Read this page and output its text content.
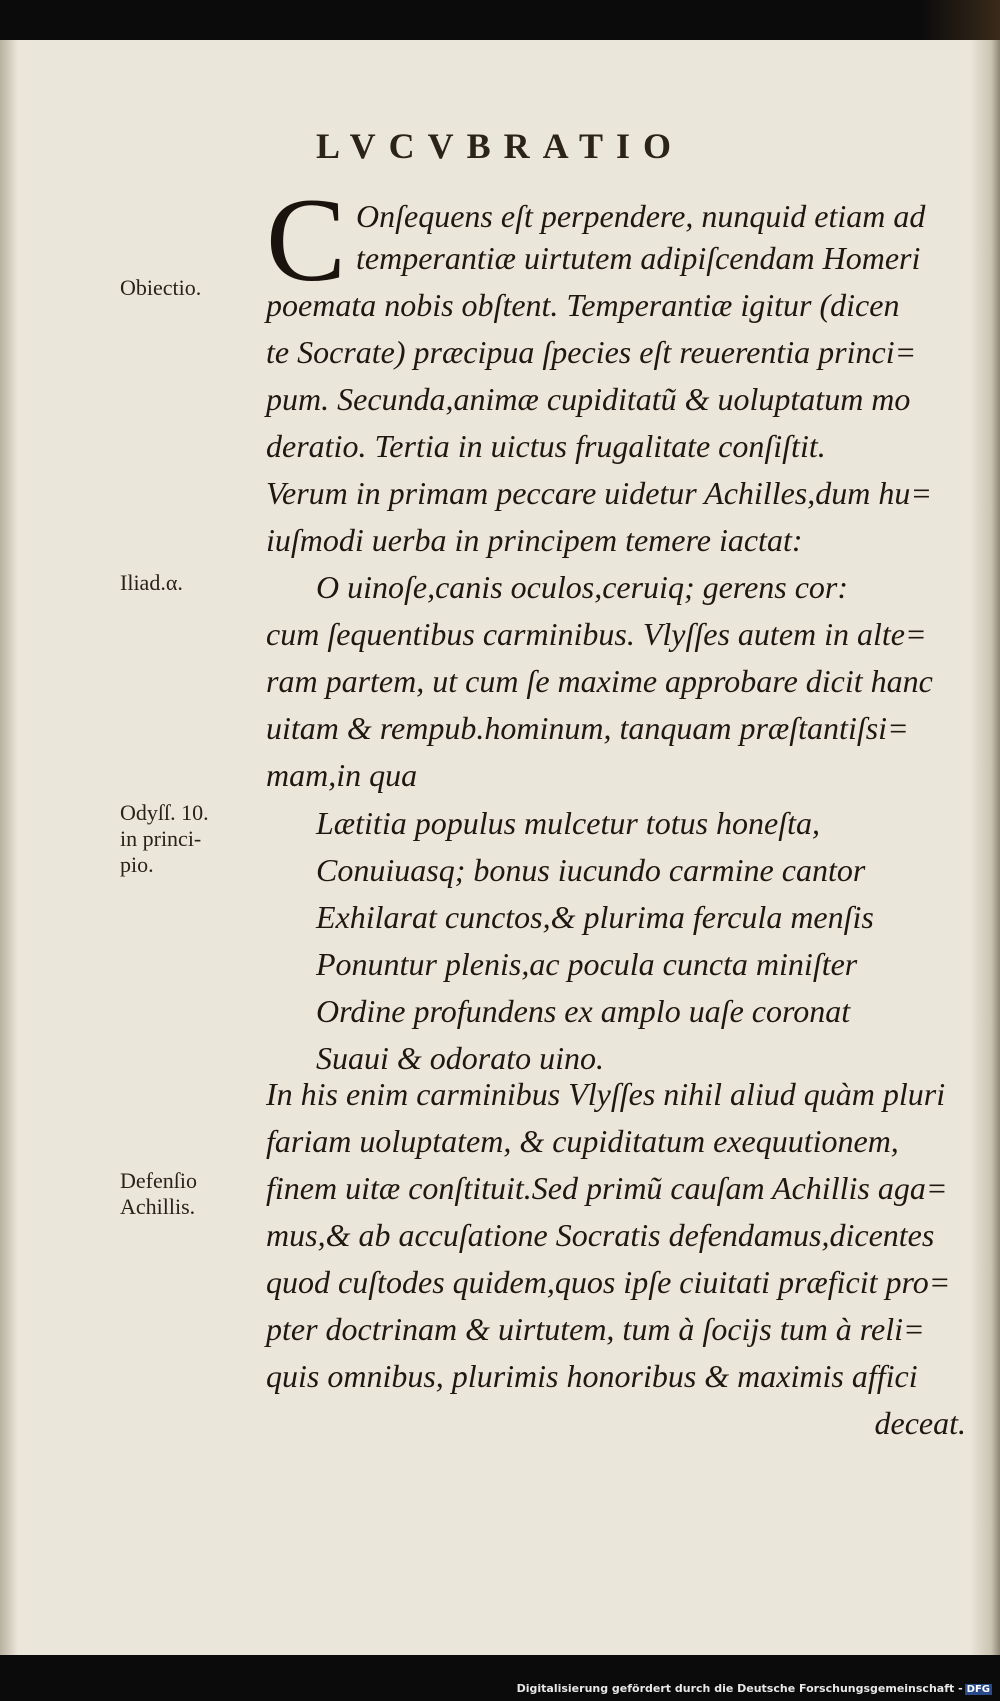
LVCVBRATIO
C
Obiectio.
Iliad.α.
Odyſſ. 10.
in princi-
pio.
Defenſio
Achillis.
Onſequens eſt perpendere, nunquid etiam ad
temperantiæ uirtutem adipiſcendam Homeri
poemata nobis obſtent. Temperantiæ igitur (dicen
te Socrate) præcipua ſpecies eſt reuerentia princi=
pum. Secunda,animæ cupiditatũ & uoluptatum mo
deratio. Tertia in uictus frugalitate conſiſtit.
Verum in primam peccare uidetur Achilles,dum hu=
iuſmodi uerba in principem temere iactat:
O uinoſe,canis oculos,ceruiq; gerens cor:
cum ſequentibus carminibus. Vlyſſes autem in alte=
ram partem, ut cum ſe maxime approbare dicit hanc
uitam & rempub.hominum, tanquam præſtantiſsi=
mam,in qua
Lætitia populus mulcetur totus honeſta,
Conuiuasq; bonus iucundo carmine cantor
Exhilarat cunctos,& plurima fercula menſis
Ponuntur plenis,ac pocula cuncta miniſter
Ordine profundens ex amplo uaſe coronat
Suaui & odorato uino.
In his enim carminibus Vlyſſes nihil aliud quàm pluri
fariam uoluptatem, & cupiditatum exequutionem,
finem uitæ conſtituit.Sed primũ cauſam Achillis aga=
mus,& ab accuſatione Socratis defendamus,dicentes
quod cuſtodes quidem,quos ipſe ciuitati præficit pro=
pter doctrinam & uirtutem, tum à ſocijs tum à reli=
quis omnibus, plurimis honoribus & maximis affici
deceat.
Digitalisierung gefördert durch die Deutsche Forschungsgemeinschaft - DFG
